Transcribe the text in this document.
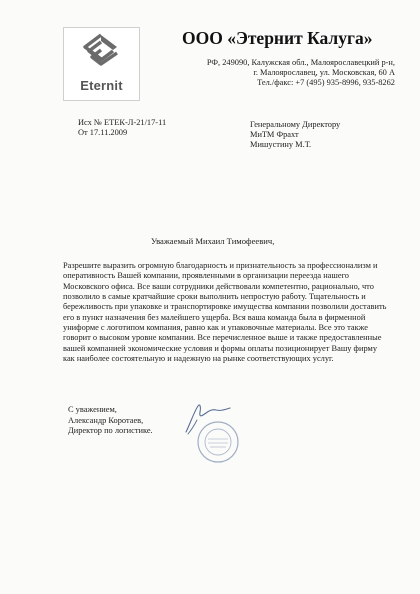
Eternit
ООО «Этернит Калуга»
РФ, 249090, Калужская обл., Малоярославецкий р-н,
г. Малоярославец, ул. Московская, 60 А
Тел./факс: +7 (495) 935-8996, 935-8262
Исх № ЕТЕК-Л-21/17-11
От 17.11.2009
Генеральному Директору
МиТМ Фрахт
Мишустину М.Т.
Уважаемый Михаил Тимофеевич,
Разрешите выразить огромную благодарность и признательность за профессионализм и
оперативность Вашей компании, проявленными в организации переезда нашего
Московского офиса. Все ваши сотрудники действовали компетентно, рационально, что
позволило в самые кратчайшие сроки выполнить непростую работу. Тщательность и
бережливость при упаковке и транспортировке имущества компании позволили доставить
его в пункт назначения без малейшего ущерба. Вся ваша команда была в фирменной
униформе с логотипом компания, равно как и упаковочные материалы. Все это также
говорит о высоком уровне компании. Все перечисленное выше и также предоставленные
вашей компанией экономические условия и формы оплаты позиционирует Вашу фирму
как наиболее состоятельную и надежную на рынке соответствующих услуг.
С уважением,
Александр Коротаев,
Директор по логистике.
